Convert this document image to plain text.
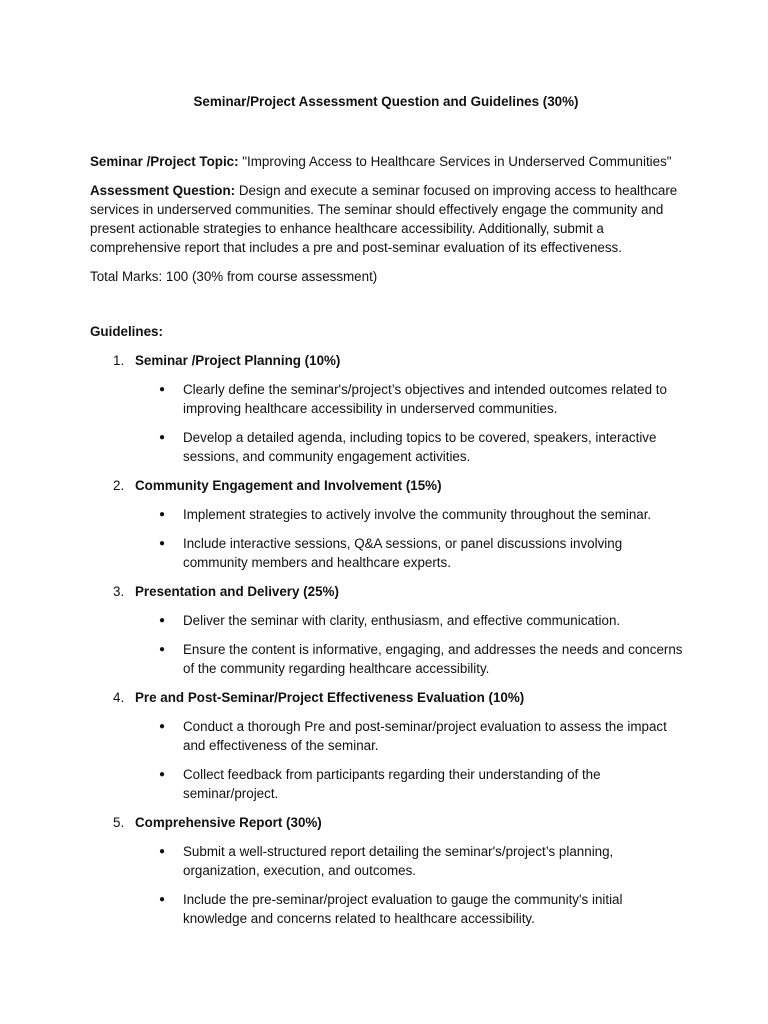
Seminar/Project Assessment Question and Guidelines (30%)
Seminar /Project Topic: "Improving Access to Healthcare Services in Underserved Communities"
Assessment Question: Design and execute a seminar focused on improving access to healthcare services in underserved communities. The seminar should effectively engage the community and present actionable strategies to enhance healthcare accessibility. Additionally, submit a comprehensive report that includes a pre and post-seminar evaluation of its effectiveness.
Total Marks: 100 (30% from course assessment)
Guidelines:
1. Seminar /Project Planning (10%)
●	Clearly define the seminar's/project’s objectives and intended outcomes related to improving healthcare accessibility in underserved communities.
●	Develop a detailed agenda, including topics to be covered, speakers, interactive sessions, and community engagement activities.
2. Community Engagement and Involvement (15%)
●	Implement strategies to actively involve the community throughout the seminar.
●	Include interactive sessions, Q&A sessions, or panel discussions involving community members and healthcare experts.
3. Presentation and Delivery (25%)
●	Deliver the seminar with clarity, enthusiasm, and effective communication.
●	Ensure the content is informative, engaging, and addresses the needs and concerns of the community regarding healthcare accessibility.
4. Pre and Post-Seminar/Project Effectiveness Evaluation (10%)
●	Conduct a thorough Pre and post-seminar/project evaluation to assess the impact and effectiveness of the seminar.
●	Collect feedback from participants regarding their understanding of the seminar/project.
5. Comprehensive Report (30%)
●	Submit a well-structured report detailing the seminar's/project’s planning, organization, execution, and outcomes.
●	Include the pre-seminar/project evaluation to gauge the community's initial knowledge and concerns related to healthcare accessibility.
